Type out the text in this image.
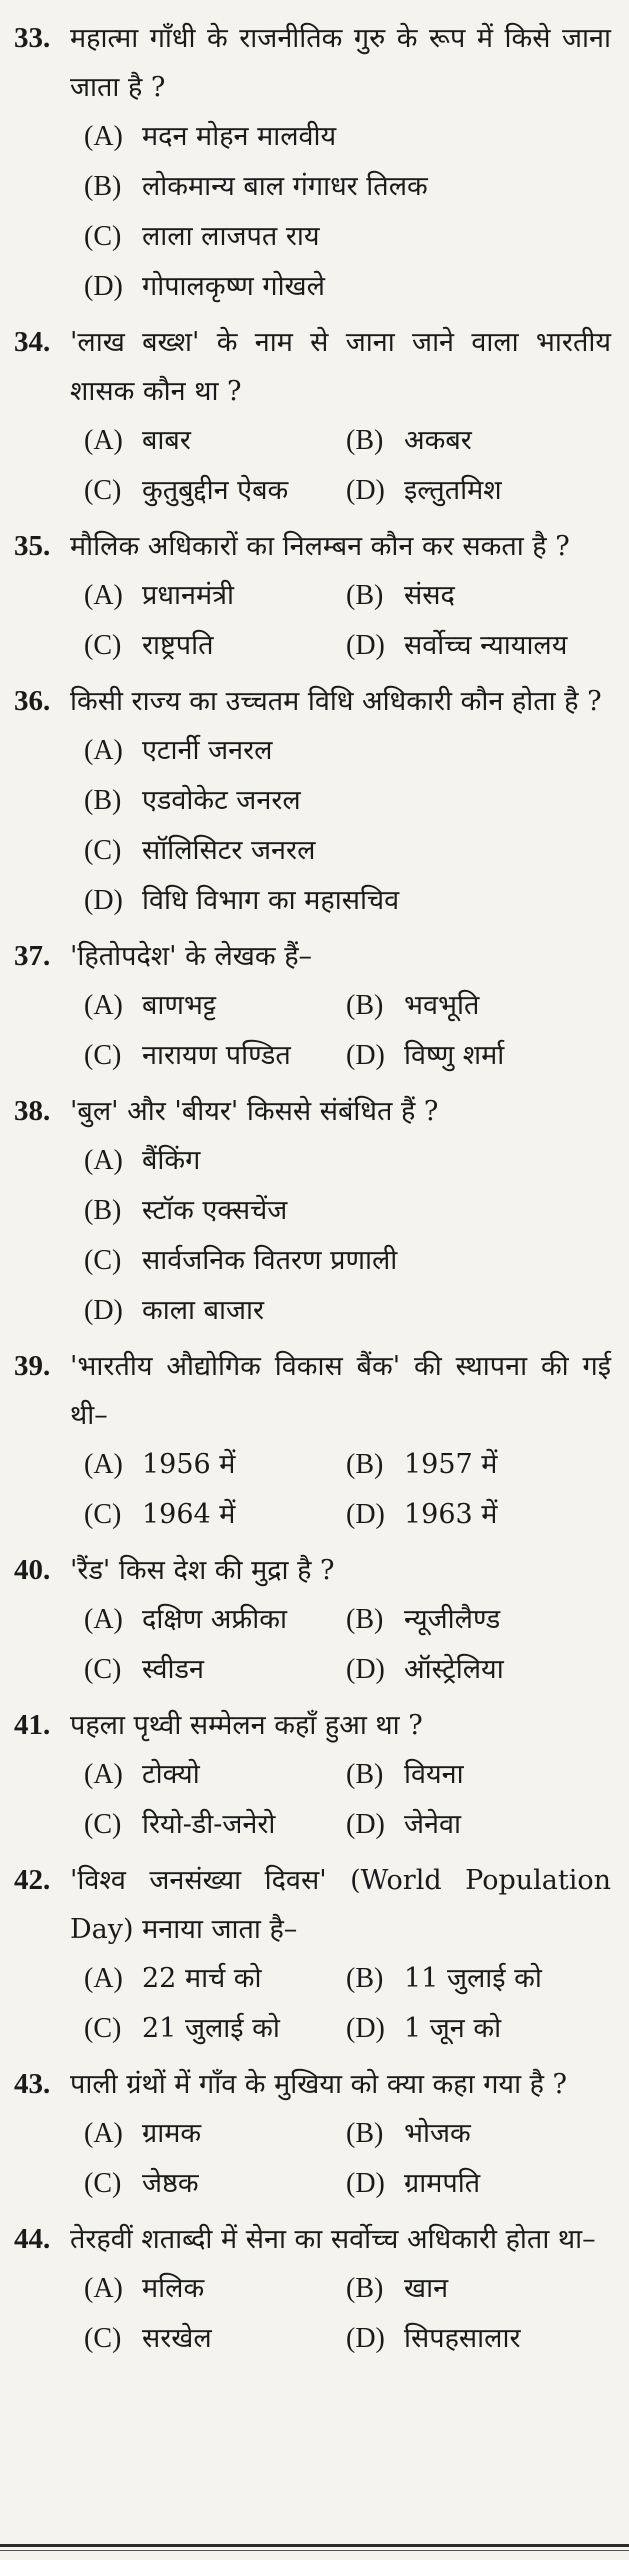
33. महात्मा गाँधी के राजनीतिक गुरु के रूप में किसे जाना जाता है ?
(A) मदन मोहन मालवीय
(B) लोकमान्य बाल गंगाधर तिलक
(C) लाला लाजपत राय
(D) गोपालकृष्ण गोखले
34. 'लाख बख्श' के नाम से जाना जाने वाला भारतीय शासक कौन था ?
(A) बाबर	(B) अकबर
(C) कुतुबुद्दीन ऐबक (D) इल्तुतमिश
35. मौलिक अधिकारों का निलम्बन कौन कर सकता है ?
(A) प्रधानमंत्री	(B) संसद
(C) राष्ट्रपति	(D) सर्वोच्च न्यायालय
36. किसी राज्य का उच्चतम विधि अधिकारी कौन होता है ?
(A) एटार्नी जनरल
(B) एडवोकेट जनरल
(C) सॉलिसिटर जनरल
(D) विधि विभाग का महासचिव
37. 'हितोपदेश' के लेखक हैं–
(A) बाणभट्ट	(B) भवभूति
(C) नारायण पण्डित (D) विष्णु शर्मा
38. 'बुल' और 'बीयर' किससे संबंधित हैं ?
(A) बैंकिंग
(B) स्टॉक एक्सचेंज
(C) सार्वजनिक वितरण प्रणाली
(D) काला बाजार
39. 'भारतीय औद्योगिक विकास बैंक' की स्थापना की गई थी–
(A) 1956 में	(B) 1957 में
(C) 1964 में	(D) 1963 में
40. 'रैंड' किस देश की मुद्रा है ?
(A) दक्षिण अफ्रीका (B) न्यूजीलैण्ड
(C) स्वीडन	(D) ऑस्ट्रेलिया
41. पहला पृथ्वी सम्मेलन कहाँ हुआ था ?
(A) टोक्यो	(B) वियना
(C) रियो-डी-जनेरो	(D) जेनेवा
42. 'विश्व जनसंख्या दिवस' (World Population Day) मनाया जाता है–
(A) 22 मार्च को	(B) 11 जुलाई को
(C) 21 जुलाई को (D) 1 जून को
43. पाली ग्रंथों में गाँव के मुखिया को क्या कहा गया है ?
(A) ग्रामक	(B) भोजक
(C) जेष्ठक	(D) ग्रामपति
44. तेरहवीं शताब्दी में सेना का सर्वोच्च अधिकारी होता था–
(A) मलिक	(B) खान
(C) सरखेल	(D) सिपहसालार
